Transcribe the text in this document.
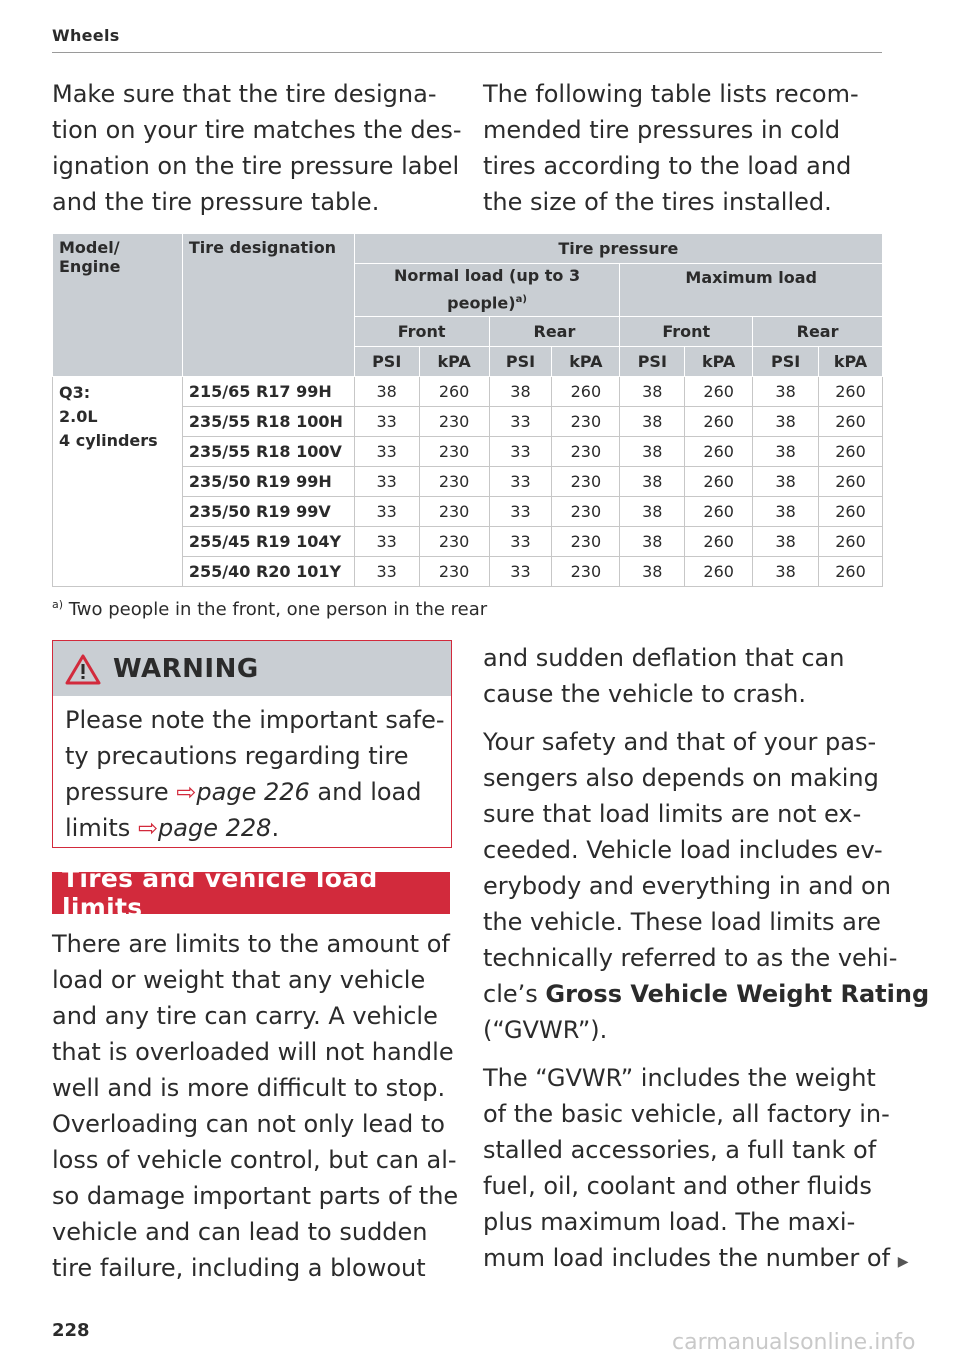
Wheels
Make sure that the tire designa-
tion on your tire matches the des-
ignation on the tire pressure label
and the tire pressure table.
The following table lists recom-
mended tire pressures in cold
tires according to the load and
the size of the tires installed.
Model/ Engine	Tire designation	Tire pressure							
		Normal load (up to 3 people)$^{a)}$				Maximum load			
		Front		Rear		Front		Rear	
		PSI	kPA	PSI	kPA	PSI	kPA	PSI	kPA

Q3:
2.0L
4 cylinders	215/65 R17 99H	38	260	38	260	38	260	38	260
	235/55 R18 100H	33	230	33	230	38	260	38	260
	235/55 R18 100V	33	230	33	230	38	260	38	260
	235/50 R19 99H	33	230	33	230	38	260	38	260
	235/50 R19 99V	33	230	33	230	38	260	38	260
	255/45 R19 104Y	33	230	33	230	38	260	38	260
	255/40 R20 101Y	33	230	33	230	38	260	38	260
$^{a)}$ Two people in the front, one person in the rear
WARNING
Please note the important safe-
ty precautions regarding tire
pressure ⇨page 226 and load
limits ⇨page 228.
Tires and vehicle load limits
There are limits to the amount of
load or weight that any vehicle
and any tire can carry. A vehicle
that is overloaded will not handle
well and is more difficult to stop.
Overloading can not only lead to
loss of vehicle control, but can al-
so damage important parts of the
vehicle and can lead to sudden
tire failure, including a blowout
and sudden deflation that can
cause the vehicle to crash.
Your safety and that of your pas-
sengers also depends on making
sure that load limits are not ex-
ceeded. Vehicle load includes ev-
erybody and everything in and on
the vehicle. These load limits are
technically referred to as the vehi-
cle’s Gross Vehicle Weight Rating
(“GVWR”).
The “GVWR” includes the weight
of the basic vehicle, all factory in-
stalled accessories, a full tank of
fuel, oil, coolant and other fluids
plus maximum load. The maxi-
mum load includes the number of ▶
228	carmanualsonline.info
